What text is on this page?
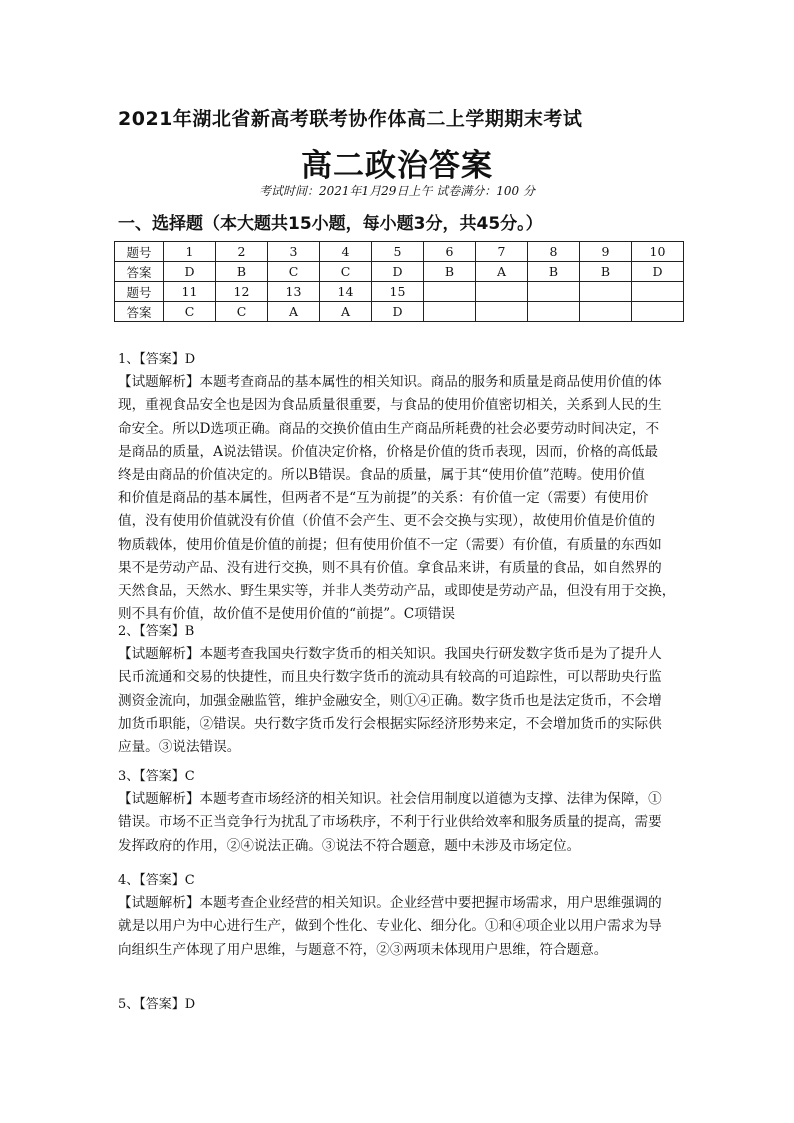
2021年湖北省新高考联考协作体高二上学期期末考试
高二政治答案
考试时间：2021年1月29日上午 试卷满分：100 分
一、选择题（本大题共15小题，每小题3分，共45分。）
题号	1	2	3	4	5	6	7	8	9	10
答案	D	B	C	C	D	B	A	B	B	D
题号	11	12	13	14	15					
答案	C	C	A	A	D					
1、【答案】D
【试题解析】本题考查商品的基本属性的相关知识。商品的服务和质量是商品使用价值的体
现，重视食品安全也是因为食品质量很重要，与食品的使用价值密切相关，关系到人民的生
命安全。所以D选项正确。商品的交换价值由生产商品所耗费的社会必要劳动时间决定，不
是商品的质量，A说法错误。价值决定价格，价格是价值的货币表现，因而，价格的高低最
终是由商品的价值决定的。所以B错误。食品的质量，属于其“使用价值”范畴。使用价值
和价值是商品的基本属性，但两者不是“互为前提”的关系：有价值一定（需要）有使用价
值，没有使用价值就没有价值（价值不会产生、更不会交换与实现），故使用价值是价值的
物质载体，使用价值是价值的前提；但有使用价值不一定（需要）有价值，有质量的东西如
果不是劳动产品、没有进行交换，则不具有价值。拿食品来讲，有质量的食品，如自然界的
天然食品，天然水、野生果实等，并非人类劳动产品，或即使是劳动产品，但没有用于交换，
则不具有价值，故价值不是使用价值的“前提”。C项错误
2、【答案】B
【试题解析】本题考查我国央行数字货币的相关知识。我国央行研发数字货币是为了提升人
民币流通和交易的快捷性，而且央行数字货币的流动具有较高的可追踪性，可以帮助央行监
测资金流向，加强金融监管，维护金融安全，则①④正确。数字货币也是法定货币，不会增
加货币职能，②错误。央行数字货币发行会根据实际经济形势来定，不会增加货币的实际供
应量。③说法错误。
3、【答案】C
【试题解析】本题考查市场经济的相关知识。社会信用制度以道德为支撑、法律为保障，①
错误。市场不正当竞争行为扰乱了市场秩序，不利于行业供给效率和服务质量的提高，需要
发挥政府的作用，②④说法正确。③说法不符合题意，题中未涉及市场定位。
4、【答案】C
【试题解析】本题考查企业经营的相关知识。企业经营中要把握市场需求，用户思维强调的
就是以用户为中心进行生产，做到个性化、专业化、细分化。①和④项企业以用户需求为导
向组织生产体现了用户思维，与题意不符，②③两项未体现用户思维，符合题意。
5、【答案】D
